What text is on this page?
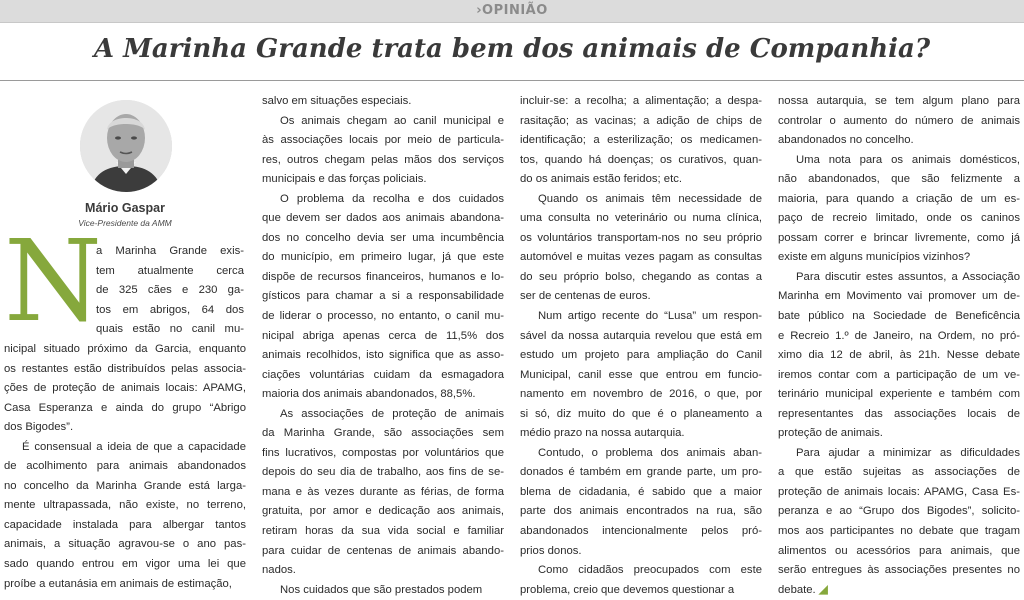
›OPINIÃO
A Marinha Grande trata bem dos animais de Companhia?
Mário Gaspar
Vice-Presidente da AMM
N
a Marinha Grande exis-
tem atualmente cerca
de 325 cães e 230 ga-
tos em abrigos, 64 dos
quais estão no canil mu-
nicipal situado próximo da Garcia, enquanto
os restantes estão distribuídos pelas associa-
ções de proteção de animais locais: APAMG,
Casa Esperanza e ainda do grupo “Abrigo
dos Bigodes”.
É consensual a ideia de que a capacidade
de acolhimento para animais abandonados
no concelho da Marinha Grande está larga-
mente ultrapassada, não existe, no terreno,
capacidade instalada para albergar tantos
animais, a situação agravou-se o ano pas-
sado quando entrou em vigor uma lei que
proíbe a eutanásia em animais de estimação,
salvo em situações especiais.
Os animais chegam ao canil municipal e
às associações locais por meio de particula-
res, outros chegam pelas mãos dos serviços
municipais e das forças policiais.
O problema da recolha e dos cuidados
que devem ser dados aos animais abandona-
dos no concelho devia ser uma incumbência
do município, em primeiro lugar, já que este
dispõe de recursos financeiros, humanos e lo-
gísticos para chamar a si a responsabilidade
de liderar o processo, no entanto, o canil mu-
nicipal abriga apenas cerca de 11,5% dos
animais recolhidos, isto significa que as asso-
ciações voluntárias cuidam da esmagadora
maioria dos animais abandonados, 88,5%.
As associações de proteção de animais
da Marinha Grande, são associações sem
fins lucrativos, compostas por voluntários que
depois do seu dia de trabalho, aos fins de se-
mana e às vezes durante as férias, de forma
gratuita, por amor e dedicação aos animais,
retiram horas da sua vida social e familiar
para cuidar de centenas de animais abando-
nados.
Nos cuidados que são prestados podem
incluir-se: a recolha; a alimentação; a despa-
rasitação; as vacinas; a adição de chips de
identificação; a esterilização; os medicamen-
tos, quando há doenças; os curativos, quan-
do os animais estão feridos; etc.
Quando os animais têm necessidade de
uma consulta no veterinário ou numa clínica,
os voluntários transportam-nos no seu próprio
automóvel e muitas vezes pagam as consultas
do seu próprio bolso, chegando as contas a
ser de centenas de euros.
Num artigo recente do “Lusa” um respon-
sável da nossa autarquia revelou que está em
estudo um projeto para ampliação do Canil
Municipal, canil esse que entrou em funcio-
namento em novembro de 2016, o que, por
si só, diz muito do que é o planeamento a
médio prazo na nossa autarquia.
Contudo, o problema dos animais aban-
donados é também em grande parte, um pro-
blema de cidadania, é sabido que a maior
parte dos animais encontrados na rua, são
abandonados intencionalmente pelos pró-
prios donos.
Como cidadãos preocupados com este
problema, creio que devemos questionar a
nossa autarquia, se tem algum plano para
controlar o aumento do número de animais
abandonados no concelho.
Uma nota para os animais domésticos,
não abandonados, que são felizmente a
maioria, para quando a criação de um es-
paço de recreio limitado, onde os caninos
possam correr e brincar livremente, como já
existe em alguns municípios vizinhos?
Para discutir estes assuntos, a Associação
Marinha em Movimento vai promover um de-
bate público na Sociedade de Beneficência
e Recreio 1.º de Janeiro, na Ordem, no pró-
ximo dia 12 de abril, às 21h. Nesse debate
iremos contar com a participação de um ve-
terinário municipal experiente e também com
representantes das associações locais de
proteção de animais.
Para ajudar a minimizar as dificuldades
a que estão sujeitas as associações de
proteção de animais locais: APAMG, Casa Es-
peranza e ao “Grupo dos Bigodes”, solicito-
mos aos participantes no debate que tragam
alimentos ou acessórios para animais, que
serão entregues às associações presentes no
debate. ◢
